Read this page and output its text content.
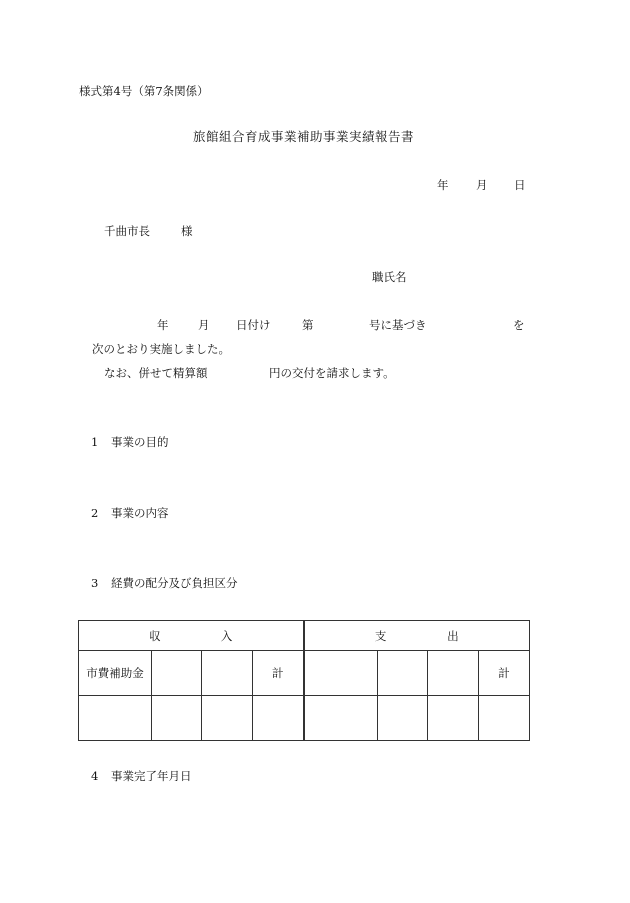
様式第4号（第7条関係）
旅館組合育成事業補助事業実績報告書
年 月 日
千曲市長	様
職氏名
年	月 日付け	第	号に基づき	を
次のとおり実施しました。
なお、併せて精算額	円の交付を請求します。
1 事業の目的
2 事業の内容
3 経費の配分及び負担区分
収 入				支 出			

市費補助金			計				計

4 事業完了年月日
